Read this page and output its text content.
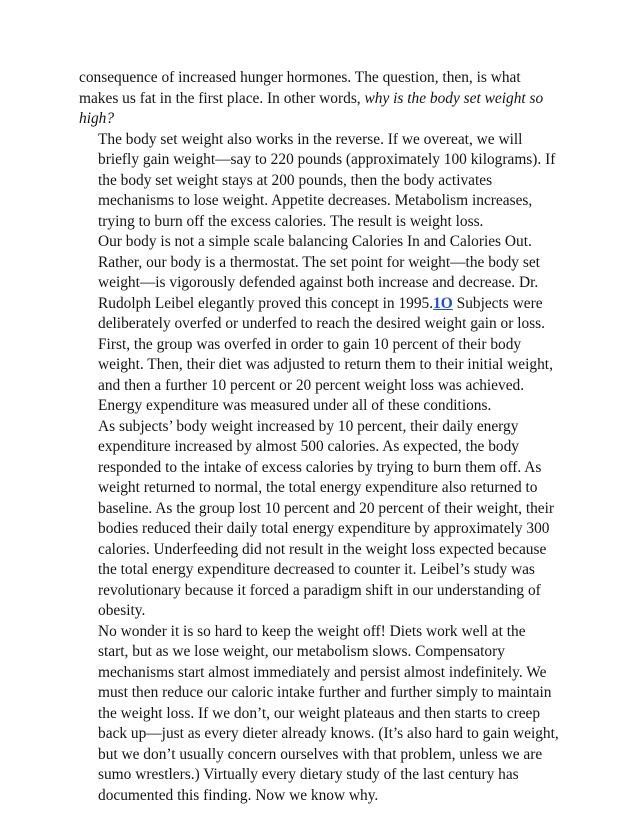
consequence of increased hunger hormones. The question, then, is what
makes us fat in the first place. In other words, why is the body set weight so
high?

The body set weight also works in the reverse. If we overeat, we will
briefly gain weight—say to 220 pounds (approximately 100 kilograms). If
the body set weight stays at 200 pounds, then the body activates
mechanisms to lose weight. Appetite decreases. Metabolism increases,
trying to burn off the excess calories. The result is weight loss.

Our body is not a simple scale balancing Calories In and Calories Out.
Rather, our body is a thermostat. The set point for weight—the body set
weight—is vigorously defended against both increase and decrease. Dr.
Rudolph Leibel elegantly proved this concept in 1995.1O Subjects were
deliberately overfed or underfed to reach the desired weight gain or loss.
First, the group was overfed in order to gain 10 percent of their body
weight. Then, their diet was adjusted to return them to their initial weight,
and then a further 10 percent or 20 percent weight loss was achieved.
Energy expenditure was measured under all of these conditions.

As subjects’ body weight increased by 10 percent, their daily energy
expenditure increased by almost 500 calories. As expected, the body
responded to the intake of excess calories by trying to burn them off. As
weight returned to normal, the total energy expenditure also returned to
baseline. As the group lost 10 percent and 20 percent of their weight, their
bodies reduced their daily total energy expenditure by approximately 300
calories. Underfeeding did not result in the weight loss expected because
the total energy expenditure decreased to counter it. Leibel’s study was
revolutionary because it forced a paradigm shift in our understanding of
obesity.

No wonder it is so hard to keep the weight off! Diets work well at the
start, but as we lose weight, our metabolism slows. Compensatory
mechanisms start almost immediately and persist almost indefinitely. We
must then reduce our caloric intake further and further simply to maintain
the weight loss. If we don’t, our weight plateaus and then starts to creep
back up—just as every dieter already knows. (It’s also hard to gain weight,
but we don’t usually concern ourselves with that problem, unless we are
sumo wrestlers.) Virtually every dietary study of the last century has
documented this finding. Now we know why.
